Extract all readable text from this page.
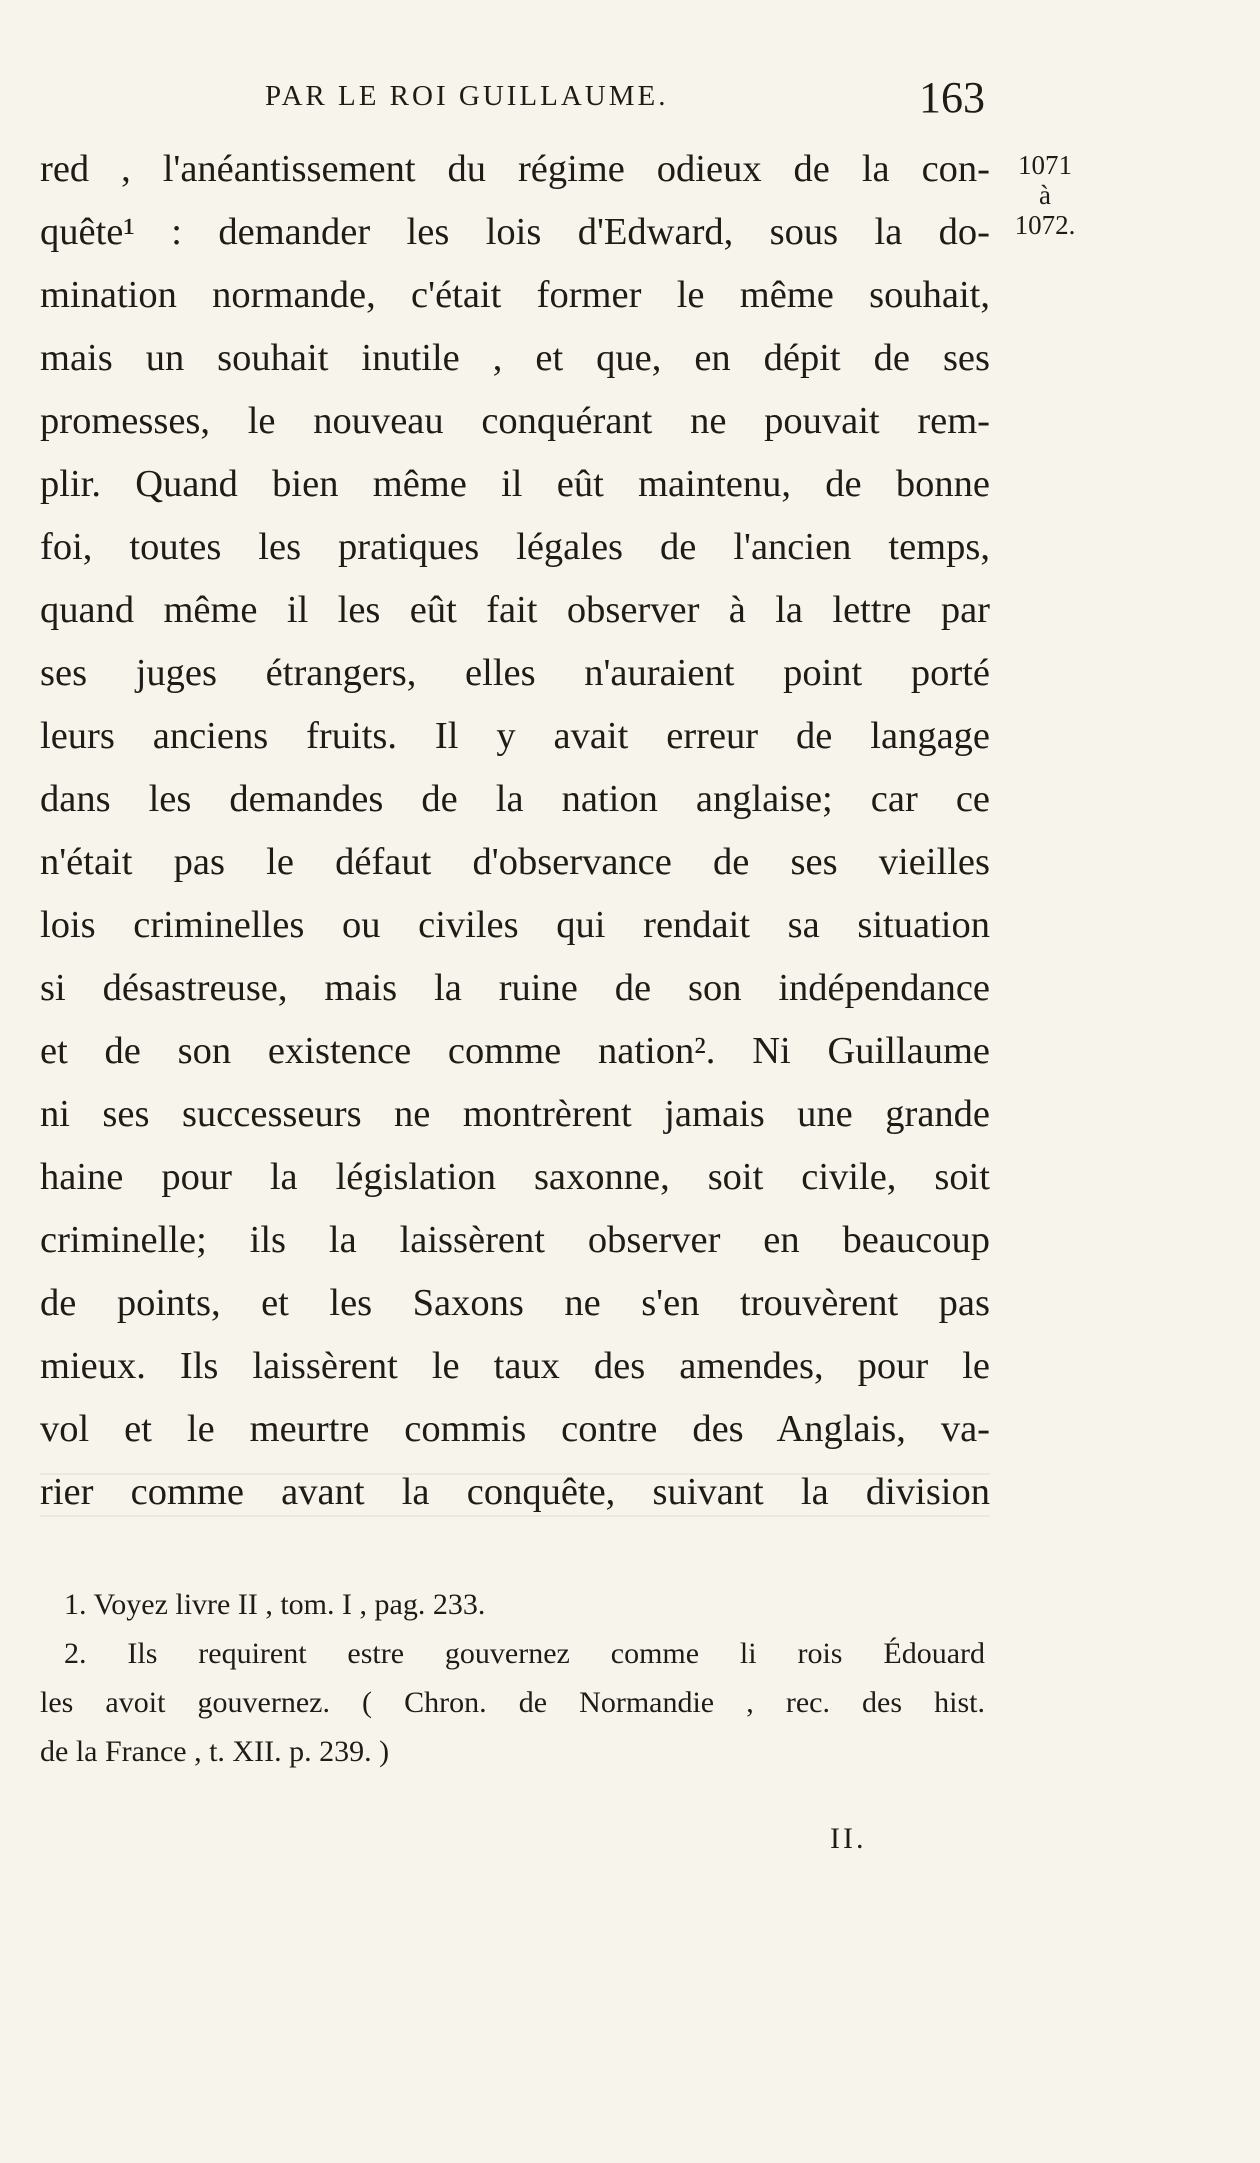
PAR LE ROI GUILLAUME.	163
1071
à
1072.
red , l'anéantissement du régime odieux de la con-
quête¹ : demander les lois d'Edward, sous la do-
mination normande, c'était former le même souhait,
mais un souhait inutile , et que, en dépit de ses
promesses, le nouveau conquérant ne pouvait rem-
plir. Quand bien même il eût maintenu, de bonne
foi, toutes les pratiques légales de l'ancien temps,
quand même il les eût fait observer à la lettre par
ses juges étrangers, elles n'auraient point porté
leurs anciens fruits. Il y avait erreur de langage
dans les demandes de la nation anglaise; car ce
n'était pas le défaut d'observance de ses vieilles
lois criminelles ou civiles qui rendait sa situation
si désastreuse, mais la ruine de son indépendance
et de son existence comme nation². Ni Guillaume
ni ses successeurs ne montrèrent jamais une grande
haine pour la législation saxonne, soit civile, soit
criminelle; ils la laissèrent observer en beaucoup
de points, et les Saxons ne s'en trouvèrent pas
mieux. Ils laissèrent le taux des amendes, pour le
vol et le meurtre commis contre des Anglais, va-
rier comme avant la conquête, suivant la division
1. Voyez livre II , tom. I , pag. 233.
2. Ils requirent estre gouvernez comme li rois Édouard
les avoit gouvernez. ( Chron. de Normandie , rec. des hist.
de la France , t. XII. p. 239. )
II.
